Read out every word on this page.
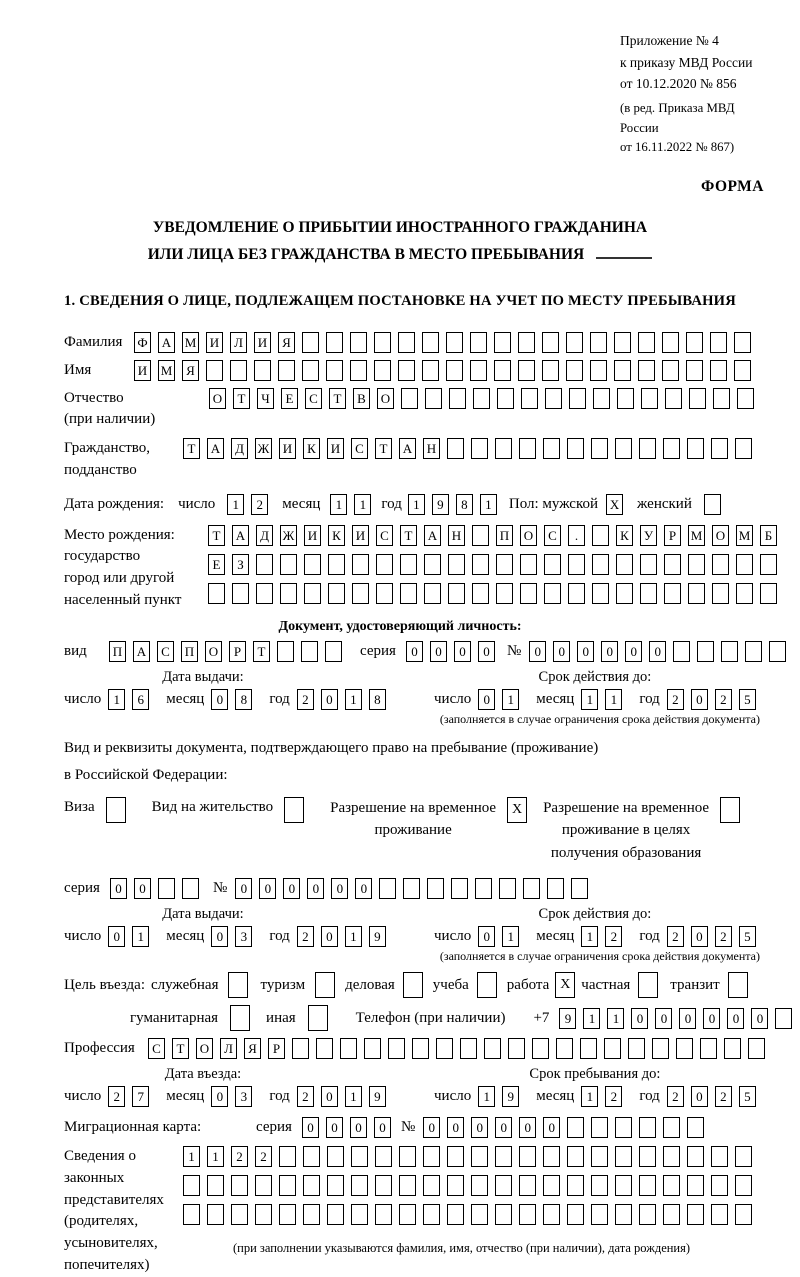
Приложение № 4
к приказу МВД России
от 10.12.2020 № 856
(в ред. Приказа МВД России
от 16.11.2022 № 867)
ФОРМА
УВЕДОМЛЕНИЕ О ПРИБЫТИИ ИНОСТРАННОГО ГРАЖДАНИНА
ИЛИ ЛИЦА БЕЗ ГРАЖДАНСТВА В МЕСТО ПРЕБЫВАНИЯ
1. СВЕДЕНИЯ О ЛИЦЕ, ПОДЛЕЖАЩЕМ ПОСТАНОВКЕ НА УЧЕТ ПО МЕСТУ ПРЕБЫВАНИЯ
Фамилия	Ф А М И	Л	И	Я
Имя	И М	Я
Отчество
(при наличии)
О	Т	Ч	Е	С	Т	В	О
Гражданство,
подданство
Т	А	Д	Ж И	К	И	С	Т	А Н
Дата рождения: число	1	2	месяц	1	1	год 1	9	8	1	Пол: мужской X женский
Место рождения:
государство
город или другой
населенный пункт
Т	А	Д	Ж И	К	И	С	Т	А Н	П О	С	.	К	У	Р	М О М	Б
Е	З
Документ, удостоверяющий личность:
вид	П А	С	П О	Р	Т	серия	0	0	0	0	№	0	0	0	0	0	0
Дата выдачи:
число 1	6	месяц 0	8	год 2	0	1	8
Срок действия до:
число 0	1	месяц 1	1	год 2	0	2	5
(заполняется в случае ограничения срока действия документа)
Вид и реквизиты документа, подтверждающего право на пребывание (проживание)
в Российской Федерации:
Виза	Вид на жительство	Разрешение на временное
проживание
X	Разрешение на временное
проживание в целях
получения образования
серия	0	0	№	0	0	0	0	0	0
Дата выдачи:
число 0	1	месяц 0	3	год 2	0	1	9
Срок действия до:
число 0	1	месяц 1	2	год 2	0	2	5
(заполняется в случае ограничения срока действия документа)
Цель въезда: служебная	туризм	деловая	учеба	работа X частная	транзит
гуманитарная	иная	Телефон (при наличии) +7	9	1	1	0	0	0	0	0	0
Профессия	С	Т	О	Л	Я	Р
Дата въезда:
число 2	7	месяц 0	3	год 2	0	1	9
Срок пребывания до:
число 1	9	месяц 1	2	год 2	0	2	5
Миграционная карта:	серия	0	0	0	0	№	0	0	0	0	0	0
Сведения о
законных
представителях
(родителях,
усыновителях,
попечителях)
1	1	2	2
(при заполнении указываются фамилия, имя, отчество (при наличии), дата рождения)
